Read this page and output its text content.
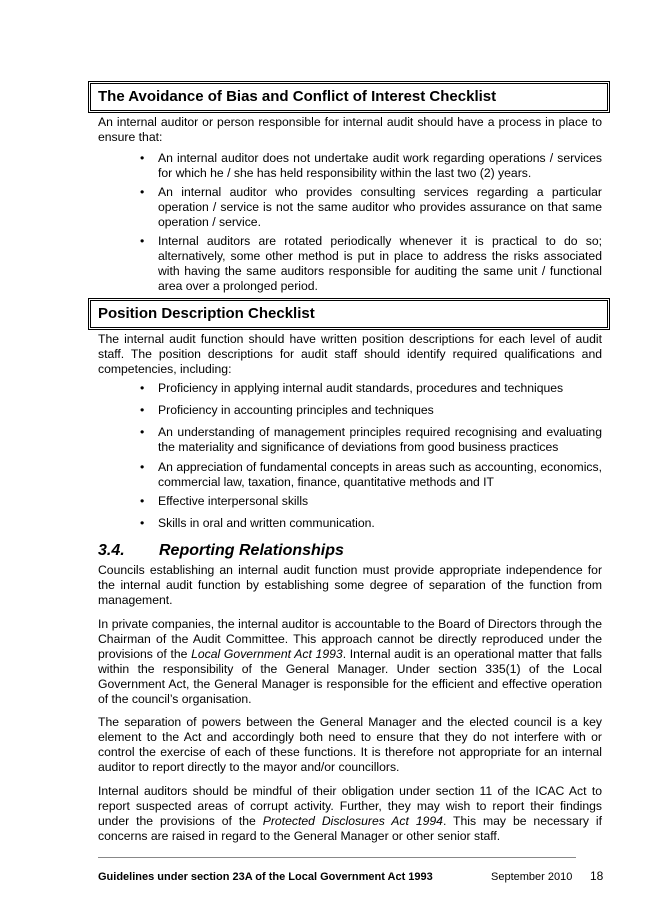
The Avoidance of Bias and Conflict of Interest Checklist

An internal auditor or person responsible for internal audit should have a process in place to ensure that:

• An internal auditor does not undertake audit work regarding operations / services for which he / she has held responsibility within the last two (2) years.

• An internal auditor who provides consulting services regarding a particular operation / service is not the same auditor who provides assurance on that same operation / service.

• Internal auditors are rotated periodically whenever it is practical to do so; alternatively, some other method is put in place to address the risks associated with having the same auditors responsible for auditing the same unit / functional area over a prolonged period.

Position Description Checklist

The internal audit function should have written position descriptions for each level of audit staff. The position descriptions for audit staff should identify required qualifications and competencies, including:

• Proficiency in applying internal audit standards, procedures and techniques

• Proficiency in accounting principles and techniques

• An understanding of management principles required recognising and evaluating the materiality and significance of deviations from good business practices

• An appreciation of fundamental concepts in areas such as accounting, economics, commercial law, taxation, finance, quantitative methods and IT

• Effective interpersonal skills

• Skills in oral and written communication.

3.4. Reporting Relationships

Councils establishing an internal audit function must provide appropriate independence for the internal audit function by establishing some degree of separation of the function from management.

In private companies, the internal auditor is accountable to the Board of Directors through the Chairman of the Audit Committee. This approach cannot be directly reproduced under the provisions of the Local Government Act 1993. Internal audit is an operational matter that falls within the responsibility of the General Manager. Under section 335(1) of the Local Government Act, the General Manager is responsible for the efficient and effective operation of the council’s organisation.

The separation of powers between the General Manager and the elected council is a key element to the Act and accordingly both need to ensure that they do not interfere with or control the exercise of each of these functions. It is therefore not appropriate for an internal auditor to report directly to the mayor and/or councillors.

Internal auditors should be mindful of their obligation under section 11 of the ICAC Act to report suspected areas of corrupt activity. Further, they may wish to report their findings under the provisions of the Protected Disclosures Act 1994. This may be necessary if concerns are raised in regard to the General Manager or other senior staff.

Guidelines under section 23A of the Local Government Act 1993	September 2010 18
